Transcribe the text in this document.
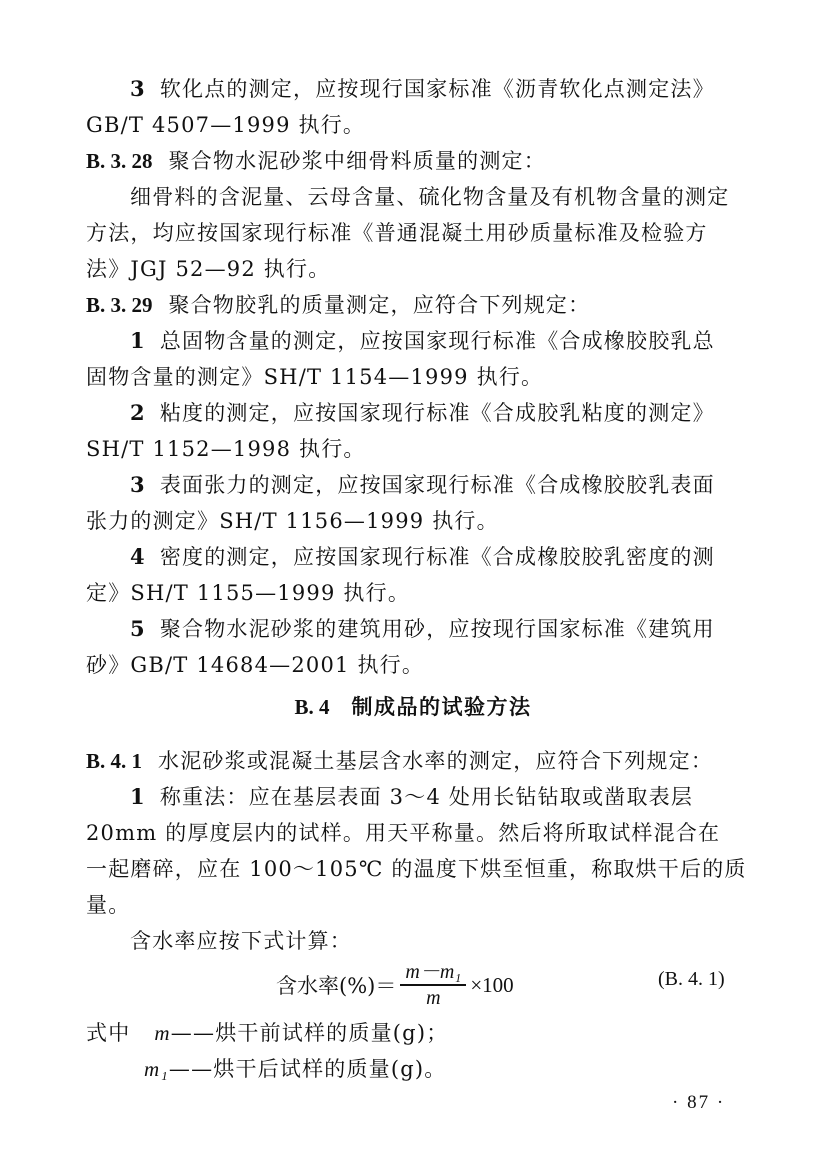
3 软化点的测定，应按现行国家标准《沥青软化点测定法》
GB/T 4507—1999 执行。
B. 3. 28 聚合物水泥砂浆中细骨料质量的测定：
细骨料的含泥量、云母含量、硫化物含量及有机物含量的测定
方法，均应按国家现行标准《普通混凝土用砂质量标准及检验方
法》JGJ 52—92 执行。
B. 3. 29 聚合物胶乳的质量测定，应符合下列规定：
1 总固物含量的测定，应按国家现行标准《合成橡胶胶乳总
固物含量的测定》SH/T 1154—1999 执行。
2 粘度的测定，应按国家现行标准《合成胶乳粘度的测定》
SH/T 1152—1998 执行。
3 表面张力的测定，应按国家现行标准《合成橡胶胶乳表面
张力的测定》SH/T 1156—1999 执行。
4 密度的测定，应按国家现行标准《合成橡胶胶乳密度的测
定》SH/T 1155—1999 执行。
5 聚合物水泥砂浆的建筑用砂，应按现行国家标准《建筑用
砂》GB/T 14684—2001 执行。
B. 4 制成品的试验方法
B. 4. 1 水泥砂浆或混凝土基层含水率的测定，应符合下列规定：
1 称重法：应在基层表面 3～4 处用长钻钻取或凿取表层
20mm 的厚度层内的试样。用天平称量。然后将所取试样混合在
一起磨碎，应在 100～105℃ 的温度下烘至恒重，称取烘干后的质
量。
含水率应按下式计算：
含水率(%)＝ $\frac{\text{m－m₁}}{m} \times 100$	(B. 4. 1)
式中 m——烘干前试样的质量(g)；
m₁——烘干后试样的质量(g)。
· 87 ·
